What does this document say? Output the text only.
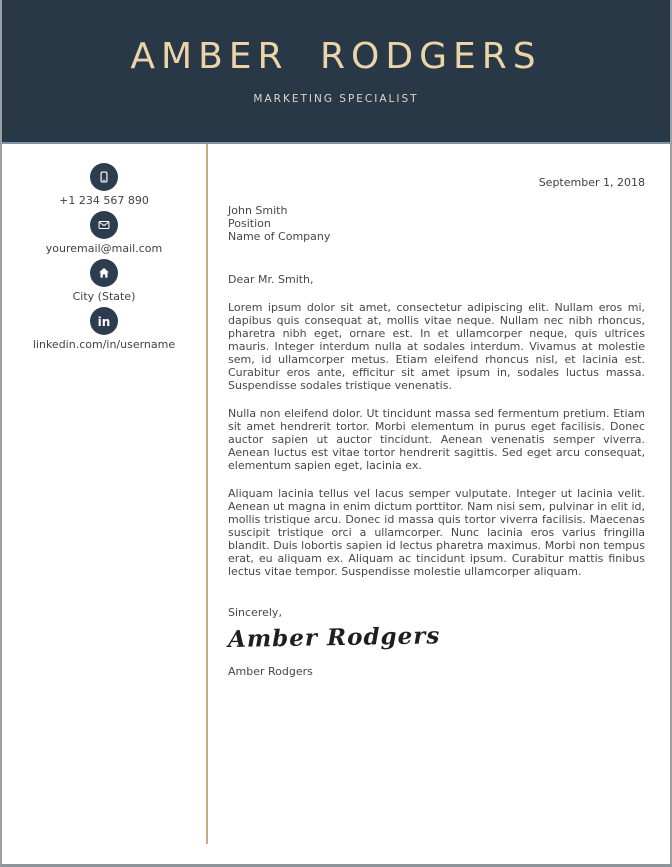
AMBER RODGERS
MARKETING SPECIALIST
+1 234 567 890
youremail@mail.com
City (State)
in
linkedin.com/in/username
September 1, 2018
John Smith
Position
Name of Company
Dear Mr. Smith,

Lorem ipsum dolor sit amet, consectetur adipiscing elit. Nullam eros mi, dapibus quis consequat at, mollis vitae neque. Nullam nec nibh rhoncus, pharetra nibh eget, ornare est. In et ullamcorper neque, quis ultrices mauris. Integer interdum nulla at sodales interdum. Vivamus at molestie sem, id ullamcorper metus. Etiam eleifend rhoncus nisl, et lacinia est. Curabitur eros ante, efficitur sit amet ipsum in, sodales luctus massa. Suspendisse sodales tristique venenatis.

Nulla non eleifend dolor. Ut tincidunt massa sed fermentum pretium. Etiam sit amet hendrerit tortor. Morbi elementum in purus eget facilisis. Donec auctor sapien ut auctor tincidunt. Aenean venenatis semper viverra. Aenean luctus est vitae tortor hendrerit sagittis. Sed eget arcu consequat, elementum sapien eget, lacinia ex.

Aliquam lacinia tellus vel lacus semper vulputate. Integer ut lacinia velit. Aenean ut magna in enim dictum porttitor. Nam nisi sem, pulvinar in elit id, mollis tristique arcu. Donec id massa quis tortor viverra facilisis. Maecenas suscipit tristique orci a ullamcorper. Nunc lacinia eros varius fringilla blandit. Duis lobortis sapien id lectus pharetra maximus. Morbi non tempus erat, eu aliquam ex. Aliquam ac tincidunt ipsum. Curabitur mattis finibus lectus vitae tempor. Suspendisse molestie ullamcorper aliquam.

Sincerely,
Amber Rodgers
Amber Rodgers
